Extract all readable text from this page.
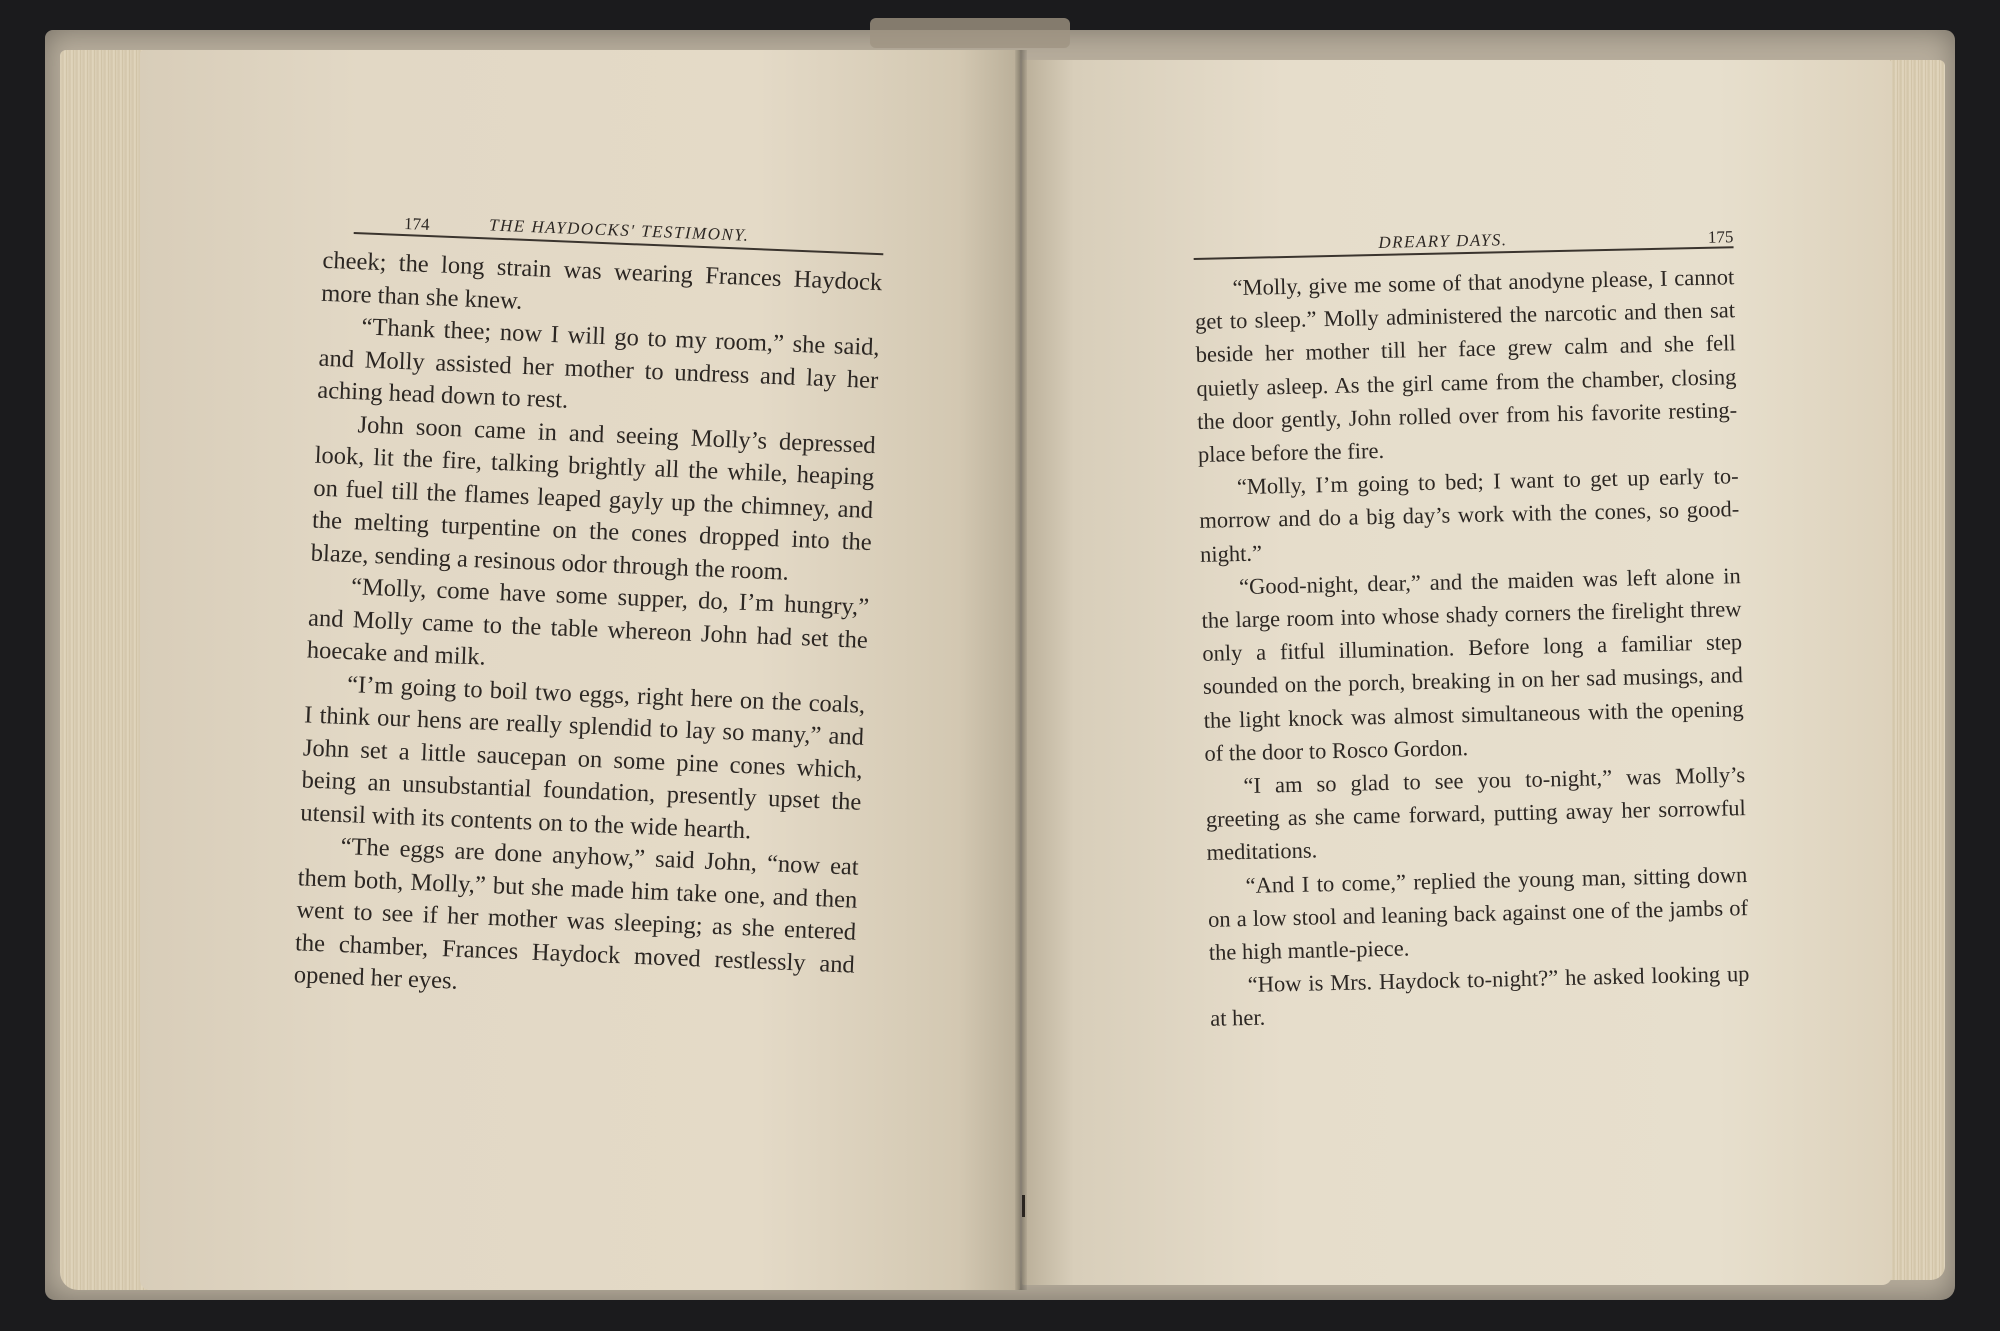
174	THE HAYDOCKS' TESTIMONY.

cheek; the long strain was wearing Frances Haydock more than she knew.

“Thank thee; now I will go to my room,” she said, and Molly assisted her mother to undress and lay her aching head down to rest.

John soon came in and seeing Molly’s depressed look, lit the fire, talking brightly all the while, heaping on fuel till the flames leaped gayly up the chimney, and the melting turpentine on the cones dropped into the blaze, sending a resinous odor through the room.

“Molly, come have some supper, do, I’m hungry,” and Molly came to the table whereon John had set the hoecake and milk.

“I’m going to boil two eggs, right here on the coals, I think our hens are really splendid to lay so many,” and John set a little saucepan on some pine cones which, being an unsubstantial foundation, presently upset the utensil with its contents on to the wide hearth.

“The eggs are done anyhow,” said John, “now eat them both, Molly,” but she made him take one, and then went to see if her mother was sleeping; as she entered the chamber, Frances Haydock moved restlessly and opened her eyes.

DREARY DAYS.	175

“Molly, give me some of that anodyne please, I cannot get to sleep.” Molly administered the narcotic and then sat beside her mother till her face grew calm and she fell quietly asleep. As the girl came from the chamber, closing the door gently, John rolled over from his favorite resting-place before the fire.

“Molly, I’m going to bed; I want to get up early to-morrow and do a big day’s work with the cones, so good-night.”

“Good-night, dear,” and the maiden was left alone in the large room into whose shady corners the firelight threw only a fitful illumination. Before long a familiar step sounded on the porch, breaking in on her sad musings, and the light knock was almost simultaneous with the opening of the door to Rosco Gordon.

“I am so glad to see you to-night,” was Molly’s greeting as she came forward, putting away her sorrowful meditations.

“And I to come,” replied the young man, sitting down on a low stool and leaning back against one of the jambs of the high mantle-piece.

“How is Mrs. Haydock to-night?” he asked looking up at her.
